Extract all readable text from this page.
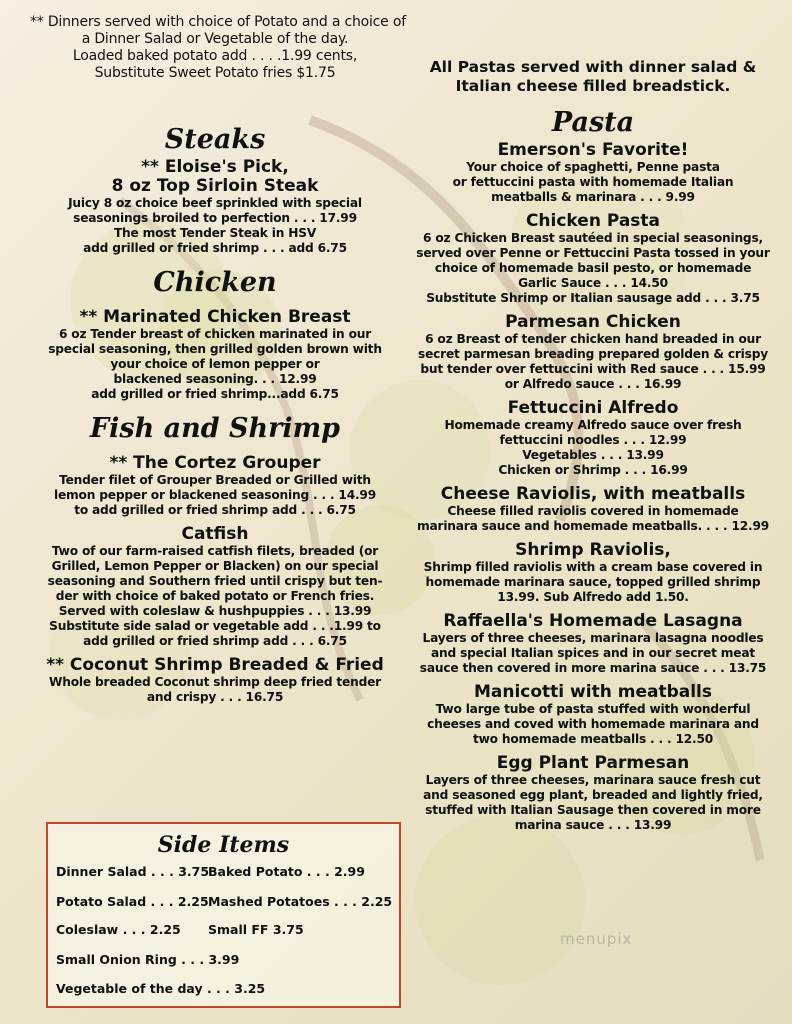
** Dinners served with choice of Potato and a choice of
a Dinner Salad or Vegetable of the day.
Loaded baked potato add . . . .1.99 cents,
Substitute Sweet Potato fries $1.75
Steaks
** Eloise's Pick,
8 oz Top Sirloin Steak
Juicy 8 oz choice beef sprinkled with special
seasonings broiled to perfection . . . 17.99
The most Tender Steak in HSV
add grilled or fried shrimp . . . add 6.75
Chicken
** Marinated Chicken Breast
6 oz Tender breast of chicken marinated in our
special seasoning, then grilled golden brown with
your choice of lemon pepper or
blackened seasoning. . . 12.99
add grilled or fried shrimp...add 6.75
Fish and Shrimp
** The Cortez Grouper
Tender filet of Grouper Breaded or Grilled with
lemon pepper or blackened seasoning . . . 14.99
to add grilled or fried shrimp add . . . 6.75
Catfish
Two of our farm-raised catfish filets, breaded (or
Grilled, Lemon Pepper or Blacken) on our special
seasoning and Southern fried until crispy but ten-
der with choice of baked potato or French fries.
Served with coleslaw & hushpuppies . . . 13.99
Substitute side salad or vegetable add . . .1.99 to
add grilled or fried shrimp add . . . 6.75
** Coconut Shrimp Breaded & Fried
Whole breaded Coconut shrimp deep fried tender
and crispy . . . 16.75
Side Items
Dinner Salad . . . 3.75
Baked Potato . . . 2.99
Potato Salad . . . 2.25 Mashed Potatoes . . . 2.25
Coleslaw . . . 2.25 Small FF 3.75
Small Onion Ring . . . 3.99
Vegetable of the day . . . 3.25
All Pastas served with dinner salad &
Italian cheese filled breadstick.
Pasta
Emerson's Favorite!
Your choice of spaghetti, Penne pasta
or fettuccini pasta with homemade Italian
meatballs & marinara . . . 9.99
Chicken Pasta
6 oz Chicken Breast sautéed in special seasonings,
served over Penne or Fettuccini Pasta tossed in your
choice of homemade basil pesto, or homemade
Garlic Sauce . . . 14.50
Substitute Shrimp or Italian sausage add . . . 3.75
Parmesan Chicken
6 oz Breast of tender chicken hand breaded in our
secret parmesan breading prepared golden & crispy
but tender over fettuccini with Red sauce . . . 15.99
or Alfredo sauce . . . 16.99
Fettuccini Alfredo
Homemade creamy Alfredo sauce over fresh
fettuccini noodles . . . 12.99
Vegetables . . . 13.99
Chicken or Shrimp . . . 16.99
Cheese Raviolis, with meatballs
Cheese filled raviolis covered in homemade
marinara sauce and homemade meatballs. . . . 12.99
Shrimp Raviolis,
Shrimp filled raviolis with a cream base covered in
homemade marinara sauce, topped grilled shrimp
13.99. Sub Alfredo add 1.50.
Raffaella's Homemade Lasagna
Layers of three cheeses, marinara lasagna noodles
and special Italian spices and in our secret meat
sauce then covered in more marina sauce . . . 13.75
Manicotti with meatballs
Two large tube of pasta stuffed with wonderful
cheeses and coved with homemade marinara and
two homemade meatballs . . . 12.50
Egg Plant Parmesan
Layers of three cheeses, marinara sauce fresh cut
and seasoned egg plant, breaded and lightly fried,
stuffed with Italian Sausage then covered in more
marina sauce . . . 13.99
menupix
